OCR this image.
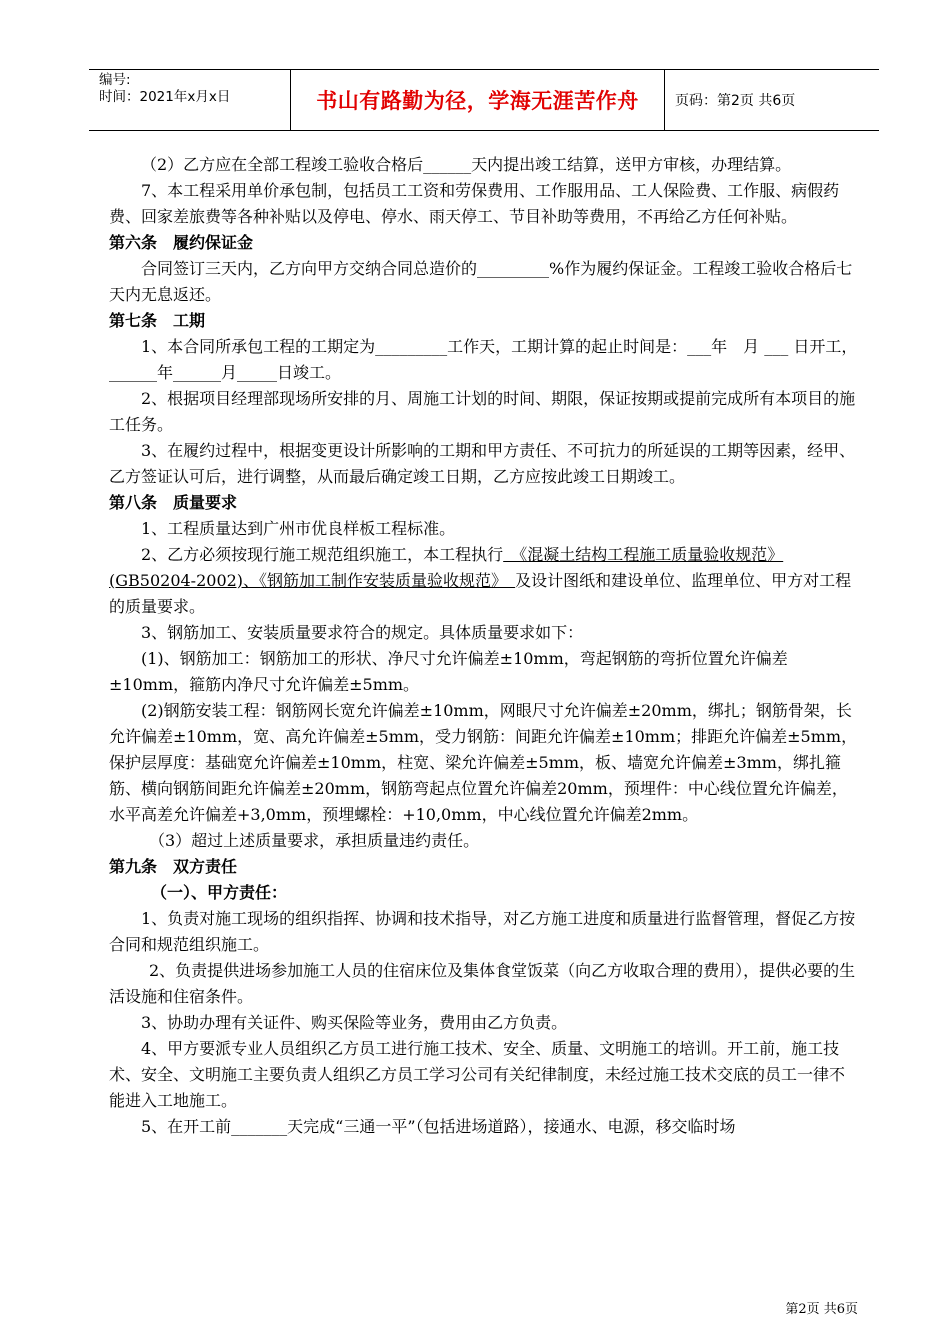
编号:
时间：2021年x月x日	书山有路勤为径，学海无涯苦作舟	页码：第2页 共6页

（2）乙方应在全部工程竣工验收合格后______天内提出竣工结算，送甲方审核，办理结算。

7、本工程采用单价承包制，包括员工工资和劳保费用、工作服用品、工人保险费、工作服、病假药费、回家差旅费等各种补贴以及停电、停水、雨天停工、节目补助等费用，不再给乙方任何补贴。

第六条　履约保证金

合同签订三天内，乙方向甲方交纳合同总造价的_________%作为履约保证金。工程竣工验收合格后七天内无息返还。

第七条　工期

1、本合同所承包工程的工期定为_________工作天，工期计算的起止时间是：___年　月 ___ 日开工，______年______月_____日竣工。

2、根据项目经理部现场所安排的月、周施工计划的时间、期限，保证按期或提前完成所有本项目的施工任务。

3、在履约过程中，根据变更设计所影响的工期和甲方责任、不可抗力的所延误的工期等因素，经甲、乙方签证认可后，进行调整，从而最后确定竣工日期，乙方应按此竣工日期竣工。

第八条　质量要求

1、工程质量达到广州市优良样板工程标准。

2、乙方必须按现行施工规范组织施工，本工程执行　《混凝土结构工程施工质量验收规范》(GB50204-2002)、《钢筋加工制作安装质量验收规范》　及设计图纸和建设单位、监理单位、甲方对工程的质量要求。

3、钢筋加工、安装质量要求符合的规定。具体质量要求如下：

(1)、钢筋加工：钢筋加工的形状、净尺寸允许偏差±10mm，弯起钢筋的弯折位置允许偏差±10mm，箍筋内净尺寸允许偏差±5mm。

(2)钢筋安装工程：钢筋网长宽允许偏差±10mm，网眼尺寸允许偏差±20mm，绑扎；钢筋骨架，长允许偏差±10mm，宽、高允许偏差±5mm，受力钢筋：间距允许偏差±10mm；排距允许偏差±5mm，保护层厚度：基础宽允许偏差±10mm，柱宽、梁允许偏差±5mm，板、墙宽允许偏差±3mm，绑扎箍筋、横向钢筋间距允许偏差±20mm，钢筋弯起点位置允许偏差20mm，预埋件：中心线位置允许偏差，水平高差允许偏差+3,0mm，预埋螺栓：+10,0mm，中心线位置允许偏差2mm。

（3）超过上述质量要求，承担质量违约责任。

第九条　双方责任

（一）、甲方责任：

1、负责对施工现场的组织指挥、协调和技术指导，对乙方施工进度和质量进行监督管理，督促乙方按合同和规范组织施工。

2、负责提供进场参加施工人员的住宿床位及集体食堂饭菜（向乙方收取合理的费用），提供必要的生活设施和住宿条件。

3、协助办理有关证件、购买保险等业务，费用由乙方负责。

4、甲方要派专业人员组织乙方员工进行施工技术、安全、质量、文明施工的培训。开工前，施工技术、安全、文明施工主要负责人组织乙方员工学习公司有关纪律制度，未经过施工技术交底的员工一律不能进入工地施工。

5、在开工前_______天完成“三通一平”（包括进场道路），接通水、电源，移交临时场

第2页 共6页
